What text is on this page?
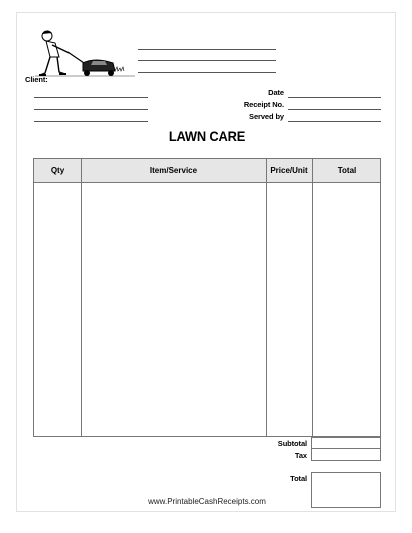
Client:
Date
Receipt No.
Served by
LAWN CARE
Qty	Item/Service	Price/Unit	Total
Subtotal
Tax
Total
www.PrintableCashReceipts.com
